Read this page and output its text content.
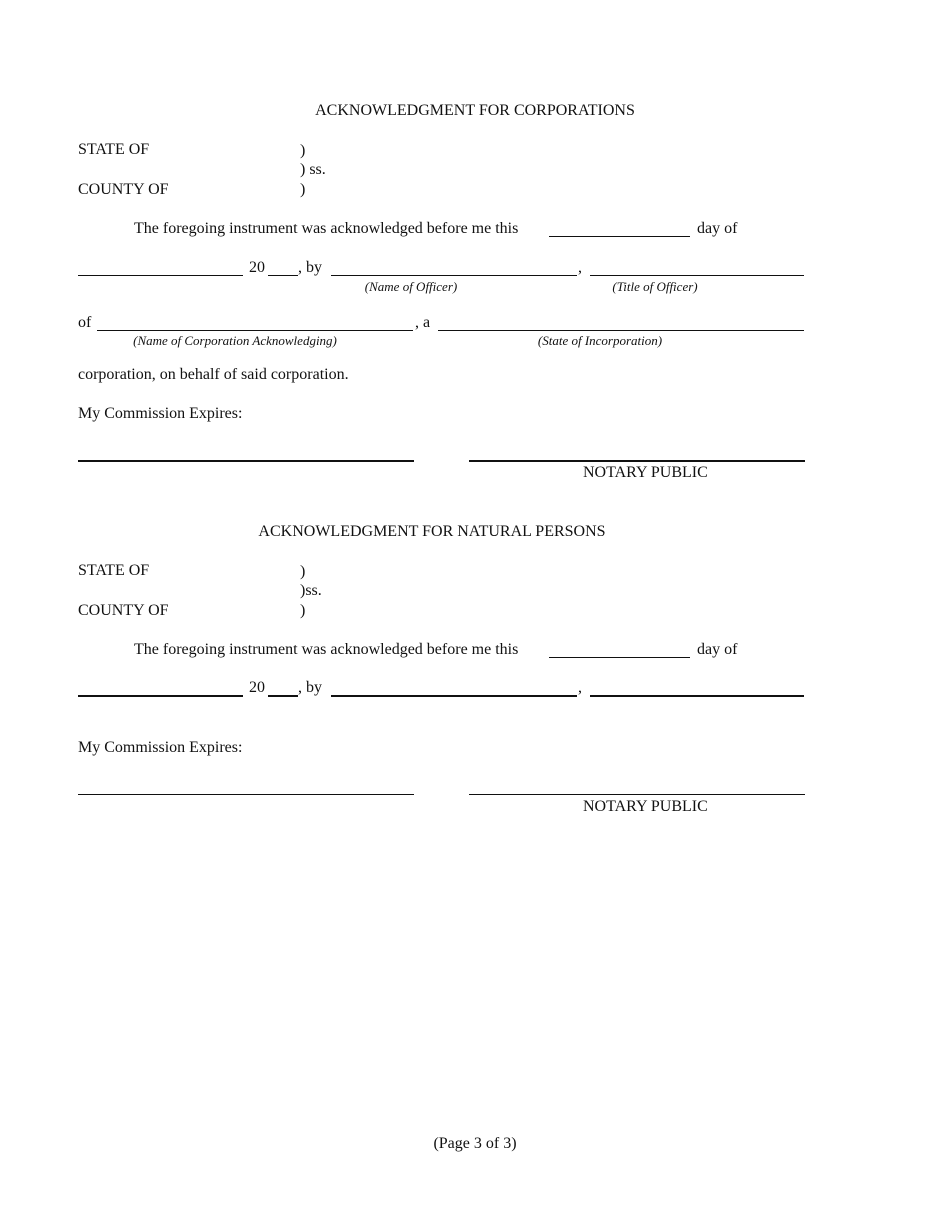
ACKNOWLEDGMENT FOR CORPORATIONS
STATE OF	)
) ss.
COUNTY OF	)
The foregoing instrument was acknowledged before me this	day of
20 , by	,
(Name of Officer)	(Title of Officer)
of	, a
(Name of Corporation Acknowledging)	(State of Incorporation)
corporation, on behalf of said corporation.
My Commission Expires:
NOTARY PUBLIC
ACKNOWLEDGMENT FOR NATURAL PERSONS
STATE OF	)
)ss.
COUNTY OF	)
The foregoing instrument was acknowledged before me this	day of
20 , by	,
My Commission Expires:
NOTARY PUBLIC
(Page 3 of 3)
